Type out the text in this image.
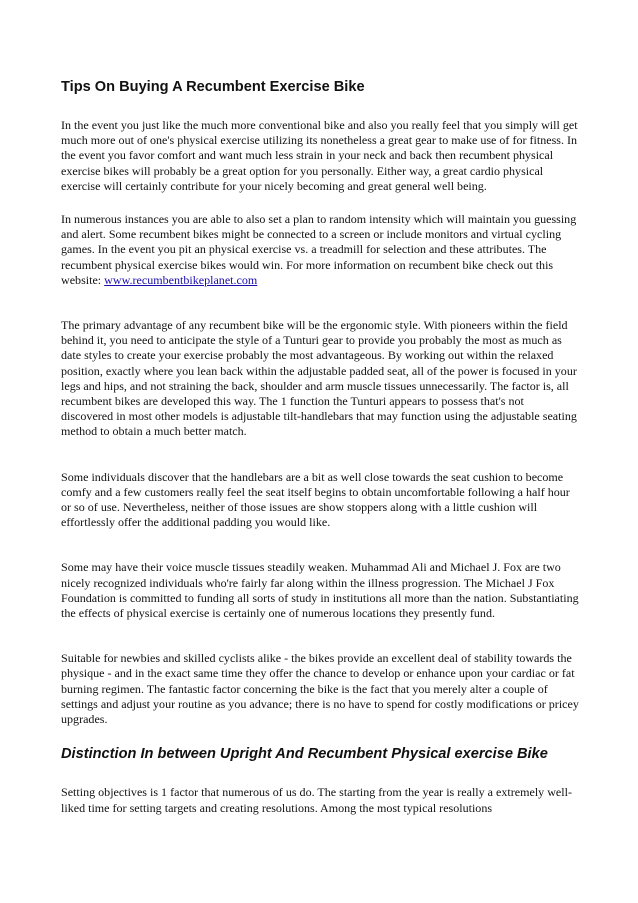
Tips On Buying A Recumbent Exercise Bike

In the event you just like the much more conventional bike and also you really feel that you simply will get much more out of one's physical exercise utilizing its nonetheless a great gear to make use of for fitness. In the event you favor comfort and want much less strain in your neck and back then recumbent physical exercise bikes will probably be a great option for you personally. Either way, a great cardio physical exercise will certainly contribute for your nicely becoming and great general well being.

In numerous instances you are able to also set a plan to random intensity which will maintain you guessing and alert. Some recumbent bikes might be connected to a screen or include monitors and virtual cycling games. In the event you pit an physical exercise vs. a treadmill for selection and these attributes. The recumbent physical exercise bikes would win. For more information on recumbent bike check out this website: www.recumbentbikeplanet.com

The primary advantage of any recumbent bike will be the ergonomic style. With pioneers within the field behind it, you need to anticipate the style of a Tunturi gear to provide you probably the most as much as date styles to create your exercise probably the most advantageous. By working out within the relaxed position, exactly where you lean back within the adjustable padded seat, all of the power is focused in your legs and hips, and not straining the back, shoulder and arm muscle tissues unnecessarily. The factor is, all recumbent bikes are developed this way. The 1 function the Tunturi appears to possess that's not discovered in most other models is adjustable tilt-handlebars that may function using the adjustable seating method to obtain a much better match.

Some individuals discover that the handlebars are a bit as well close towards the seat cushion to become comfy and a few customers really feel the seat itself begins to obtain uncomfortable following a half hour or so of use. Nevertheless, neither of those issues are show stoppers along with a little cushion will effortlessly offer the additional padding you would like.

Some may have their voice muscle tissues steadily weaken. Muhammad Ali and Michael J. Fox are two nicely recognized individuals who're fairly far along within the illness progression. The Michael J Fox Foundation is committed to funding all sorts of study in institutions all more than the nation. Substantiating the effects of physical exercise is certainly one of numerous locations they presently fund.

Suitable for newbies and skilled cyclists alike - the bikes provide an excellent deal of stability towards the physique - and in the exact same time they offer the chance to develop or enhance upon your cardiac or fat burning regimen. The fantastic factor concerning the bike is the fact that you merely alter a couple of settings and adjust your routine as you advance; there is no have to spend for costly modifications or pricey upgrades.

Distinction In between Upright And Recumbent Physical exercise Bike

Setting objectives is 1 factor that numerous of us do. The starting from the year is really a extremely well-liked time for setting targets and creating resolutions. Among the most typical resolutions
